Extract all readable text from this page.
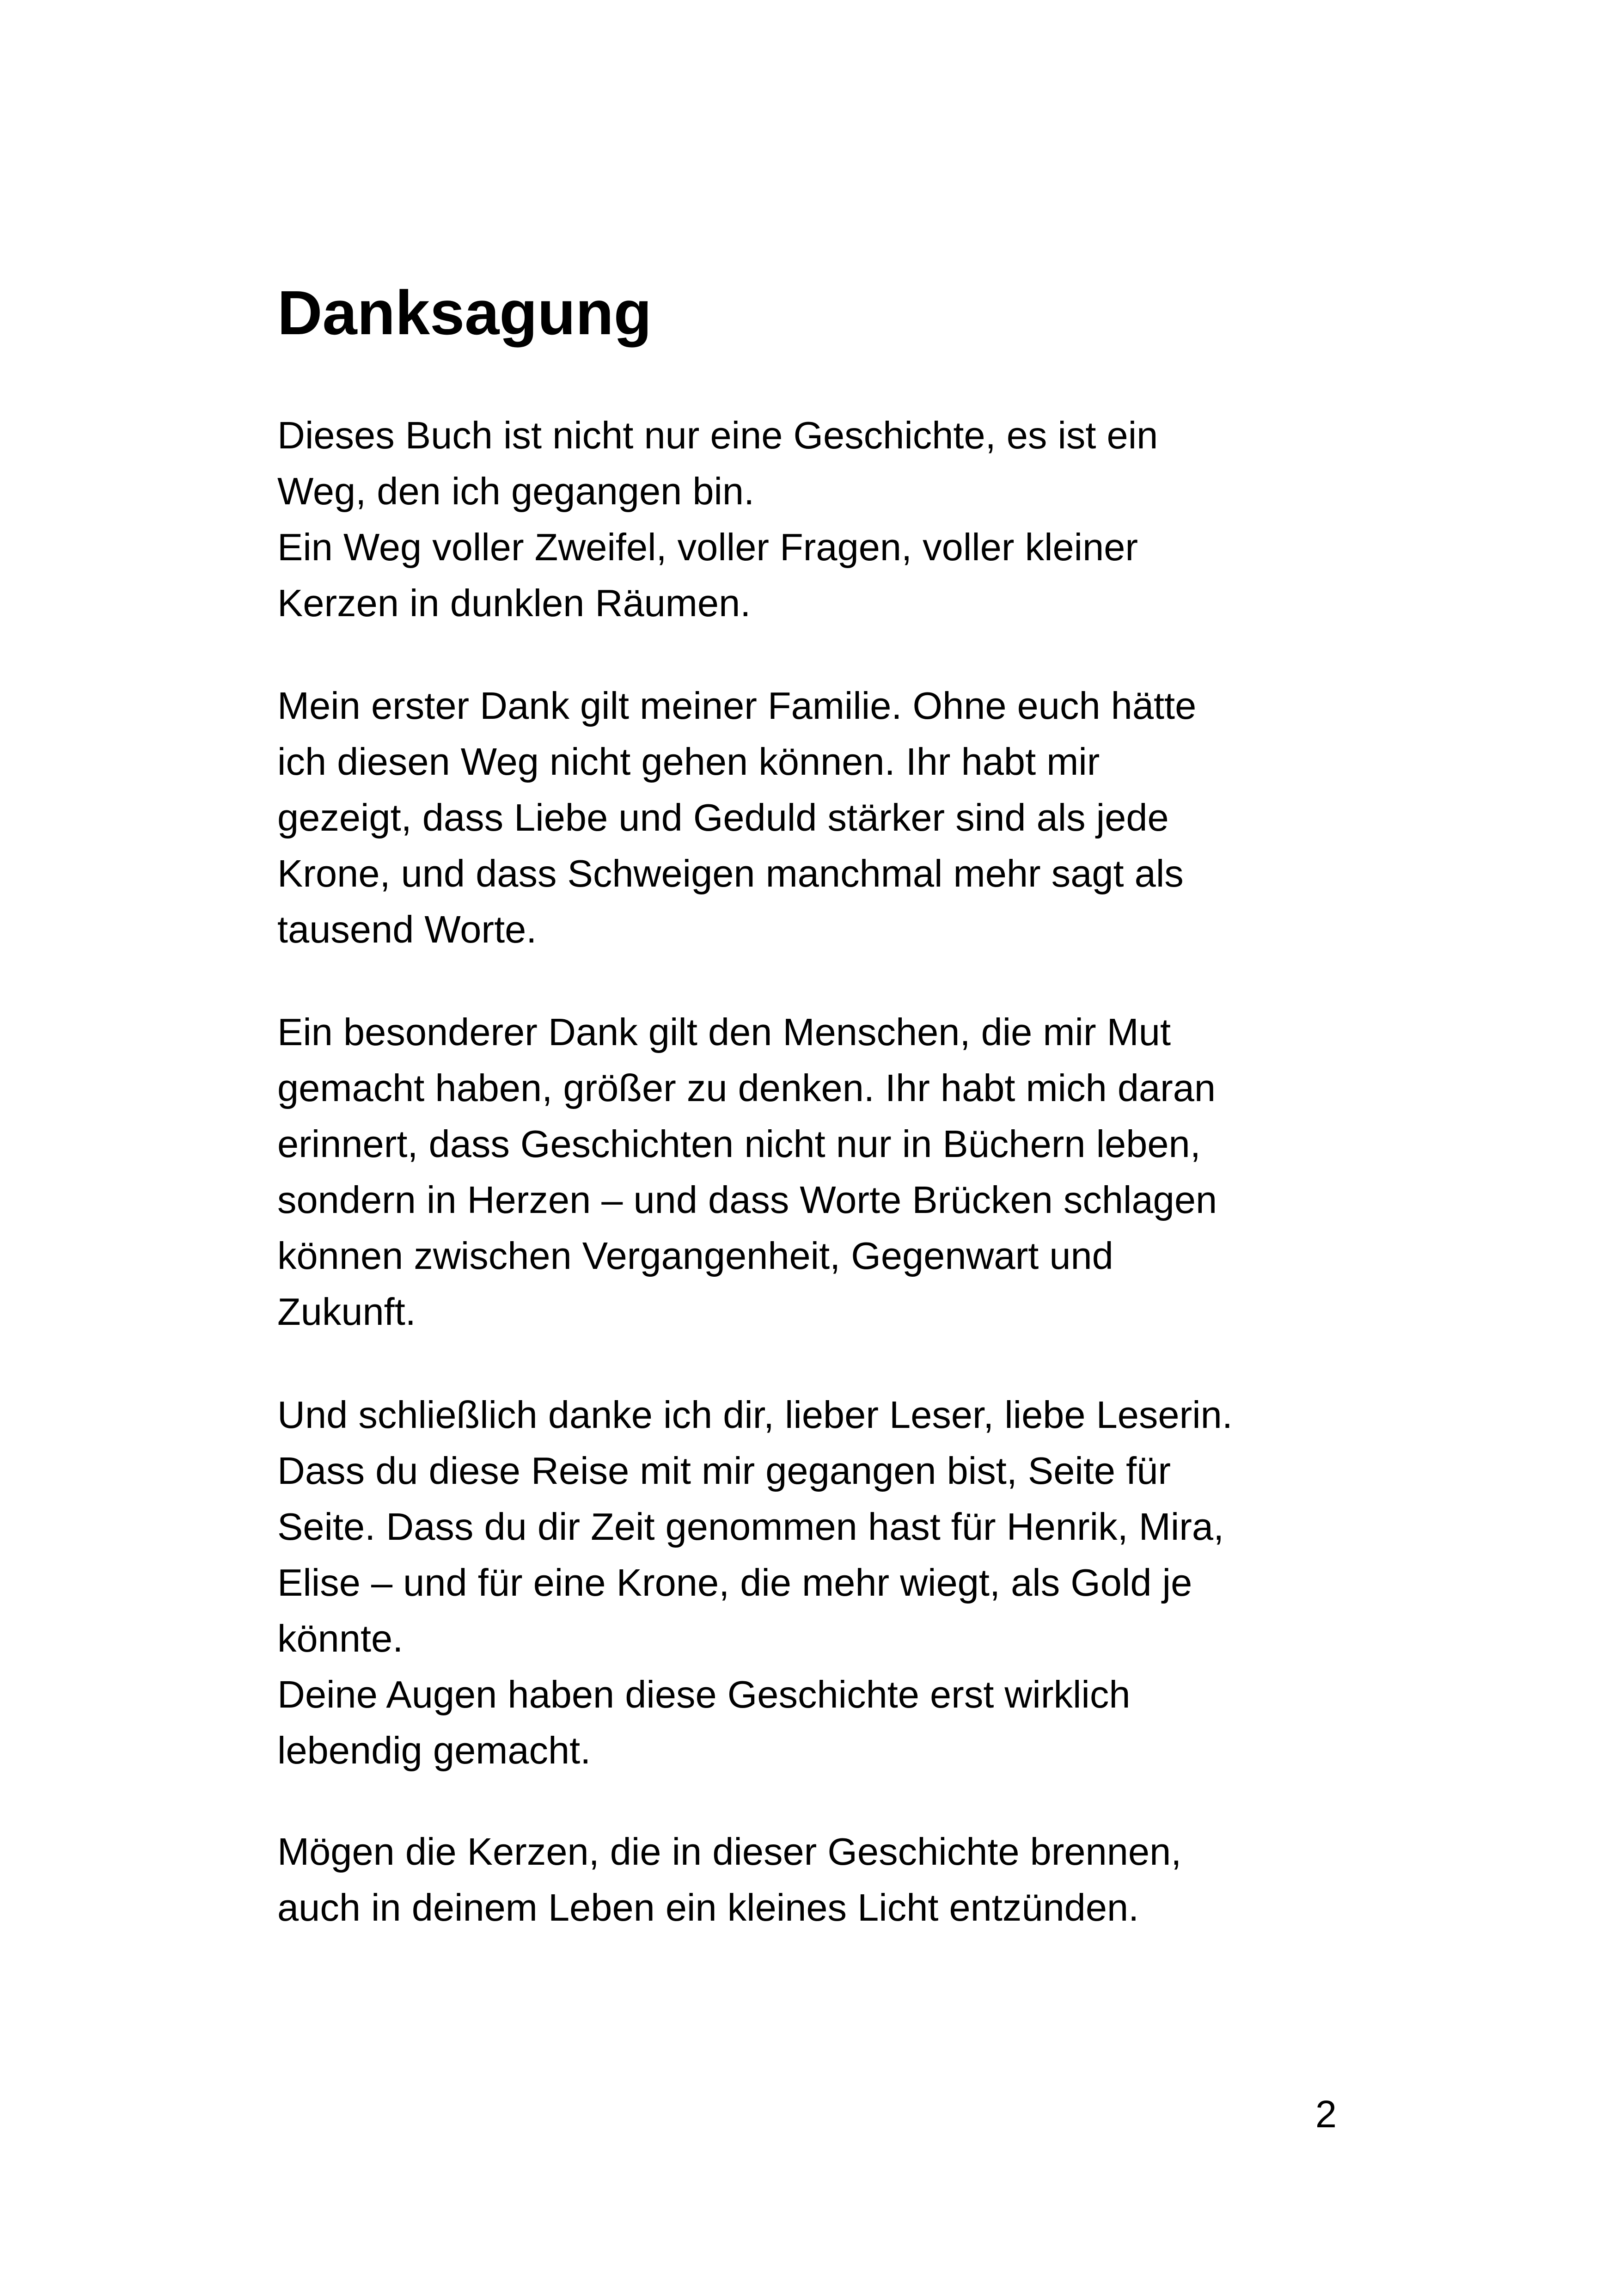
Danksagung

Dieses Buch ist nicht nur eine Geschichte, es ist ein
Weg, den ich gegangen bin.
Ein Weg voller Zweifel, voller Fragen, voller kleiner
Kerzen in dunklen Räumen.

Mein erster Dank gilt meiner Familie. Ohne euch hätte
ich diesen Weg nicht gehen können. Ihr habt mir
gezeigt, dass Liebe und Geduld stärker sind als jede
Krone, und dass Schweigen manchmal mehr sagt als
tausend Worte.

Ein besonderer Dank gilt den Menschen, die mir Mut
gemacht haben, größer zu denken. Ihr habt mich daran
erinnert, dass Geschichten nicht nur in Büchern leben,
sondern in Herzen – und dass Worte Brücken schlagen
können zwischen Vergangenheit, Gegenwart und
Zukunft.

Und schließlich danke ich dir, lieber Leser, liebe Leserin.
Dass du diese Reise mit mir gegangen bist, Seite für
Seite. Dass du dir Zeit genommen hast für Henrik, Mira,
Elise – und für eine Krone, die mehr wiegt, als Gold je
könnte.
Deine Augen haben diese Geschichte erst wirklich
lebendig gemacht.

Mögen die Kerzen, die in dieser Geschichte brennen,
auch in deinem Leben ein kleines Licht entzünden.

2
